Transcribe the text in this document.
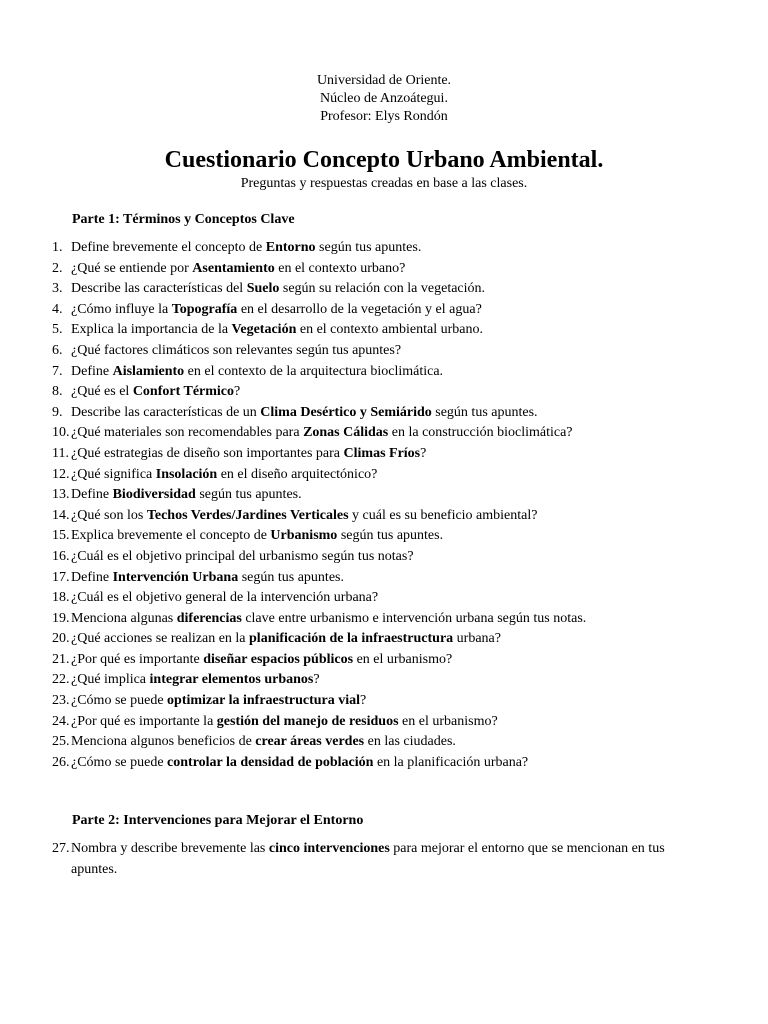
Universidad de Oriente.
Núcleo de Anzoátegui.
Profesor: Elys Rondón
Cuestionario Concepto Urbano Ambiental.
Preguntas y respuestas creadas en base a las clases.
Parte 1: Términos y Conceptos Clave
1. Define brevemente el concepto de Entorno según tus apuntes.
2. ¿Qué se entiende por Asentamiento en el contexto urbano?
3. Describe las características del Suelo según su relación con la vegetación.
4. ¿Cómo influye la Topografía en el desarrollo de la vegetación y el agua?
5. Explica la importancia de la Vegetación en el contexto ambiental urbano.
6. ¿Qué factores climáticos son relevantes según tus apuntes?
7. Define Aislamiento en el contexto de la arquitectura bioclimática.
8. ¿Qué es el Confort Térmico?
9. Describe las características de un Clima Desértico y Semiárido según tus apuntes.
10. ¿Qué materiales son recomendables para Zonas Cálidas en la construcción bioclimática?
11. ¿Qué estrategias de diseño son importantes para Climas Fríos?
12. ¿Qué significa Insolación en el diseño arquitectónico?
13. Define Biodiversidad según tus apuntes.
14. ¿Qué son los Techos Verdes/Jardines Verticales y cuál es su beneficio ambiental?
15. Explica brevemente el concepto de Urbanismo según tus apuntes.
16. ¿Cuál es el objetivo principal del urbanismo según tus notas?
17. Define Intervención Urbana según tus apuntes.
18. ¿Cuál es el objetivo general de la intervención urbana?
19. Menciona algunas diferencias clave entre urbanismo e intervención urbana según tus notas.
20. ¿Qué acciones se realizan en la planificación de la infraestructura urbana?
21. ¿Por qué es importante diseñar espacios públicos en el urbanismo?
22. ¿Qué implica integrar elementos urbanos?
23. ¿Cómo se puede optimizar la infraestructura vial?
24. ¿Por qué es importante la gestión del manejo de residuos en el urbanismo?
25. Menciona algunos beneficios de crear áreas verdes en las ciudades.
26. ¿Cómo se puede controlar la densidad de población en la planificación urbana?
Parte 2: Intervenciones para Mejorar el Entorno
27. Nombra y describe brevemente las cinco intervenciones para mejorar el entorno que se mencionan en tus apuntes.
